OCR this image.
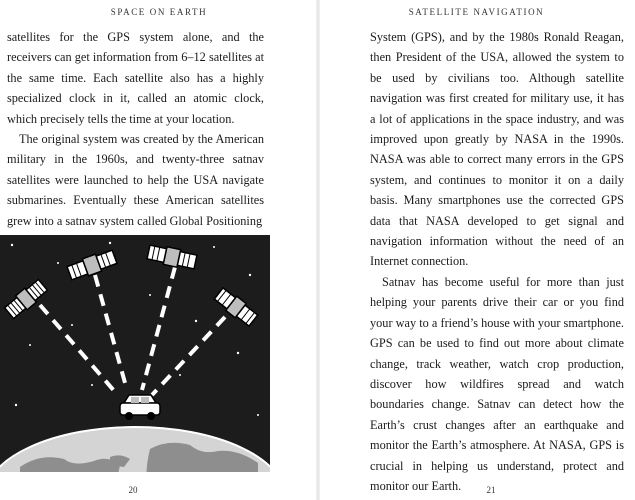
SPACE ON EARTH

satellites for the GPS system alone, and the receivers can get information from 6–12 satellites at the same time. Each satellite also has a highly specialized clock in it, called an atomic clock, which precisely tells the time at your location.

The original system was created by the American military in the 1960s, and twenty-three satnav satellites were launched to help the USA navigate submarines. Eventually these American satellites grew into a satnav system called Global Positioning

20
SATELLITE NAVIGATION

System (GPS), and by the 1980s Ronald Reagan, then President of the USA, allowed the system to be used by civilians too. Although satellite navigation was first created for military use, it has a lot of applications in the space industry, and was improved upon greatly by NASA in the 1990s. NASA was able to correct many errors in the GPS system, and continues to monitor it on a daily basis. Many smartphones use the corrected GPS data that NASA developed to get signal and navigation information without the need of an Internet connection.

Satnav has become useful for more than just helping your parents drive their car or you find your way to a friend’s house with your smartphone. GPS can be used to find out more about climate change, track weather, watch crop production, discover how wildfires spread and watch boundaries change. Satnav can detect how the Earth’s crust changes after an earthquake and monitor the Earth’s atmosphere. At NASA, GPS is crucial in helping us understand, protect and monitor our Earth.	21
